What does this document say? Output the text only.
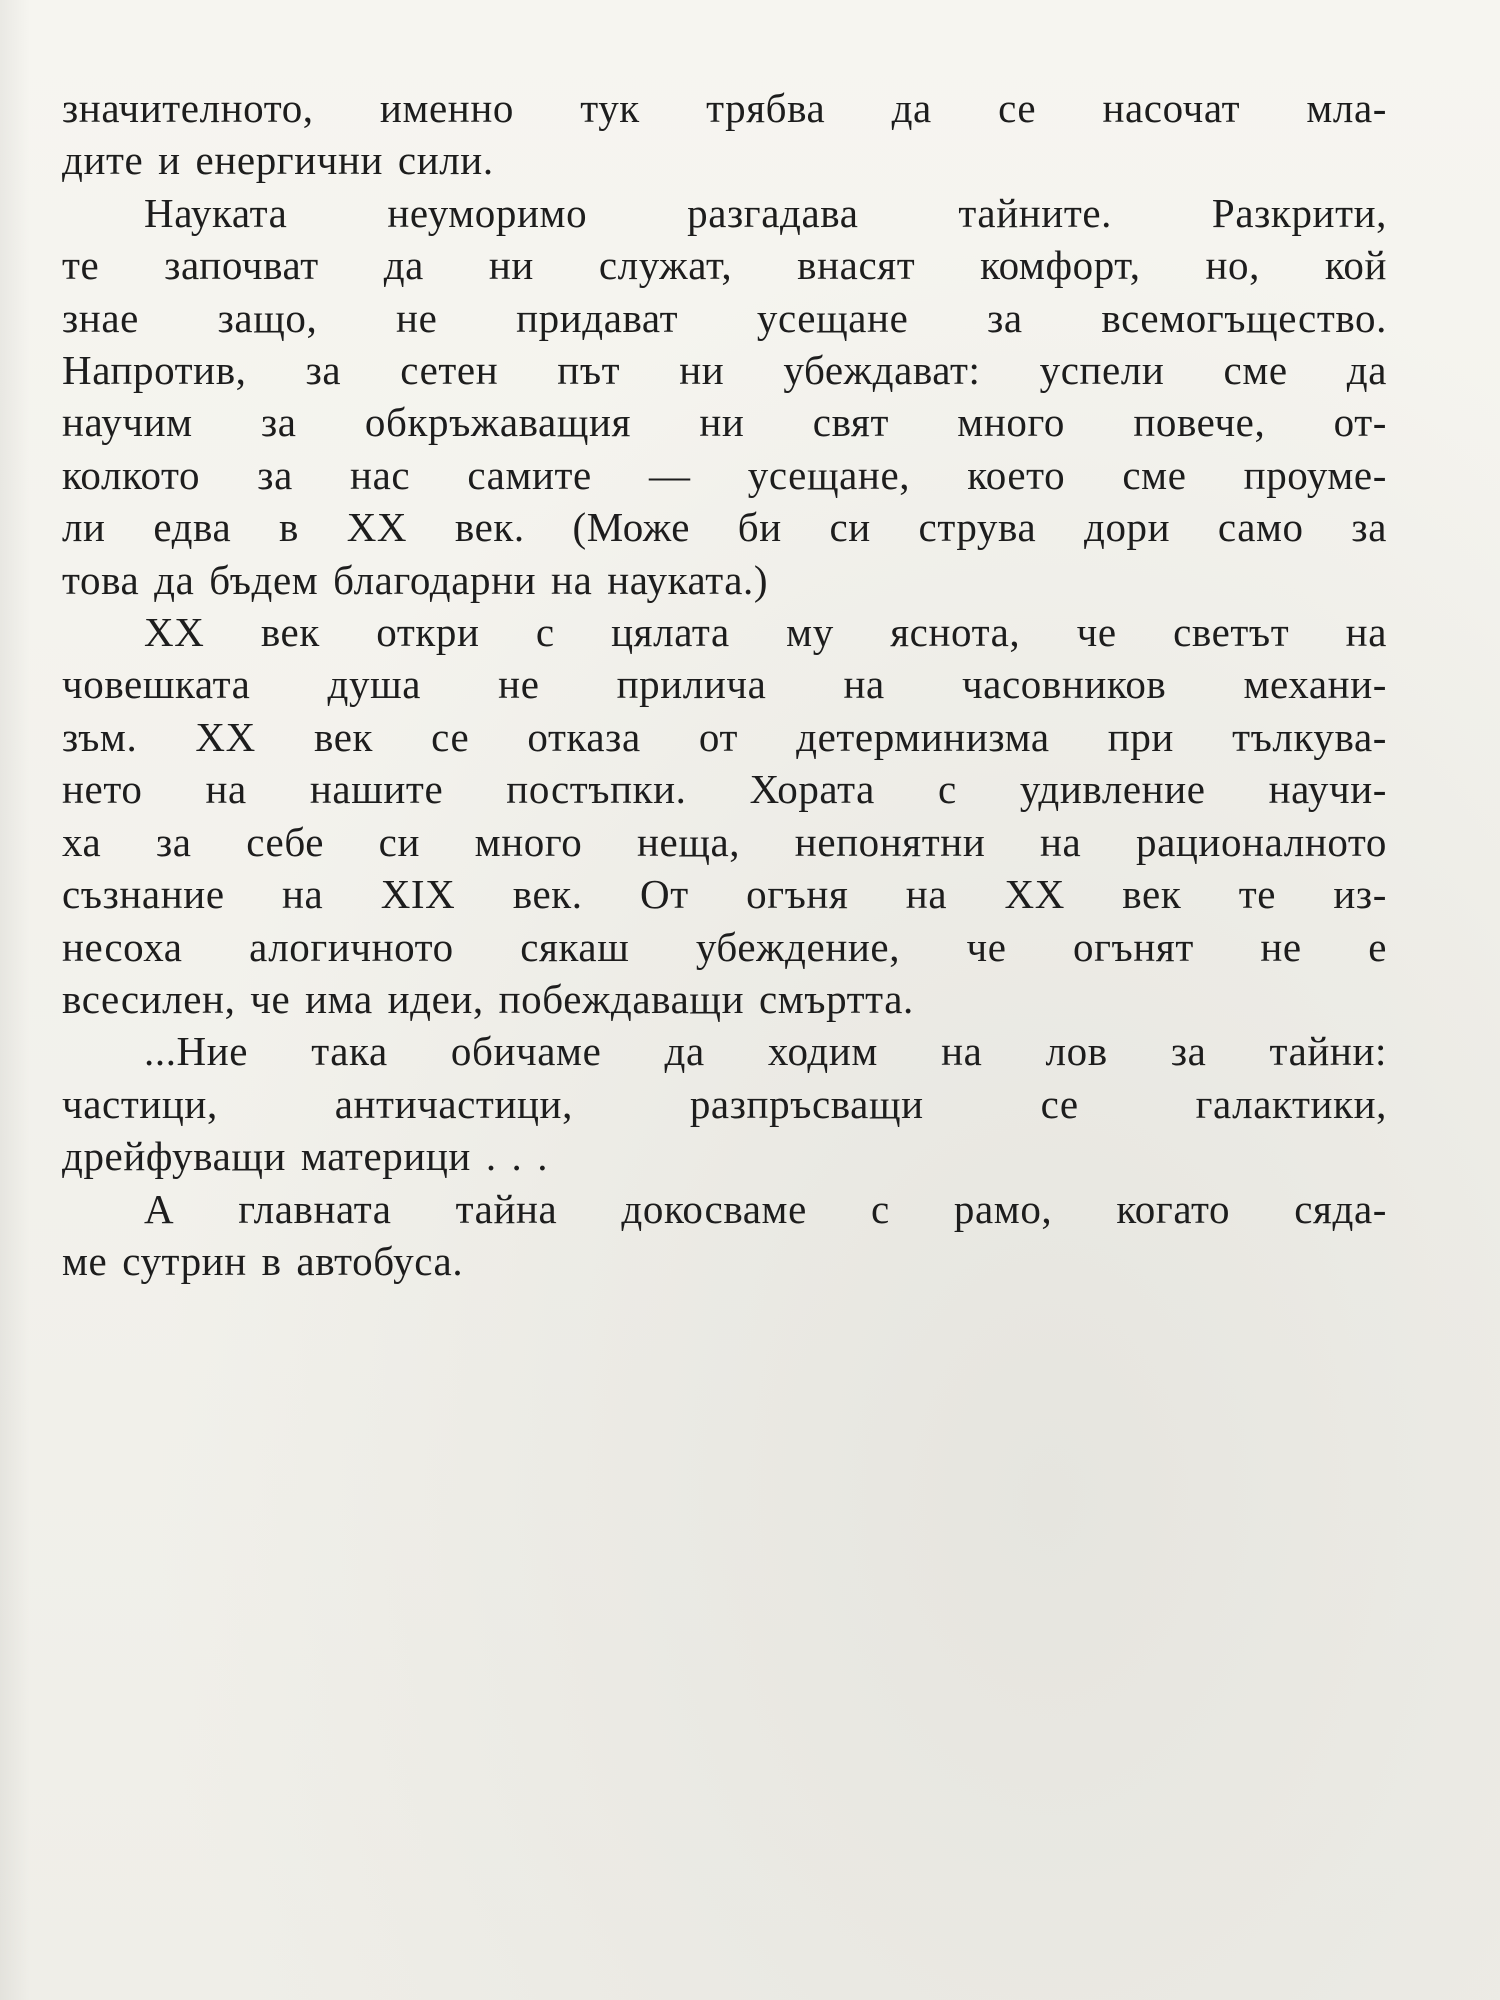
значителното, именно тук трябва да се насочат мла-
дите и енергични сили.
Науката неуморимо разгадава тайните. Разкрити,
те започват да ни служат, внасят комфорт, но, кой
знае защо, не придават усещане за всемогъщество.
Напротив, за сетен път ни убеждават: успели сме да
научим за обкръжаващия ни свят много повече, от-
колкото за нас самите — усещане, което сме проуме-
ли едва в XX век. (Може би си струва дори само за
това да бъдем благодарни на науката.)
XX век откри с цялата му яснота, че светът на
човешката душа не прилича на часовников механи-
зъм. XX век се отказа от детерминизма при тълкува-
нето на нашите постъпки. Хората с удивление научи-
ха за себе си много неща, непонятни на рационалното
съзнание на XIX век. От огъня на XX век те из-
несоха алогичното сякаш убеждение, че огънят не е
всесилен, че има идеи, побеждаващи смъртта.
...Ние така обичаме да ходим на лов за тайни:
частици, античастици, разпръсващи се галактики,
дрейфуващи материци . . .
А главната тайна докосваме с рамо, когато сяда-
ме сутрин в автобуса.
